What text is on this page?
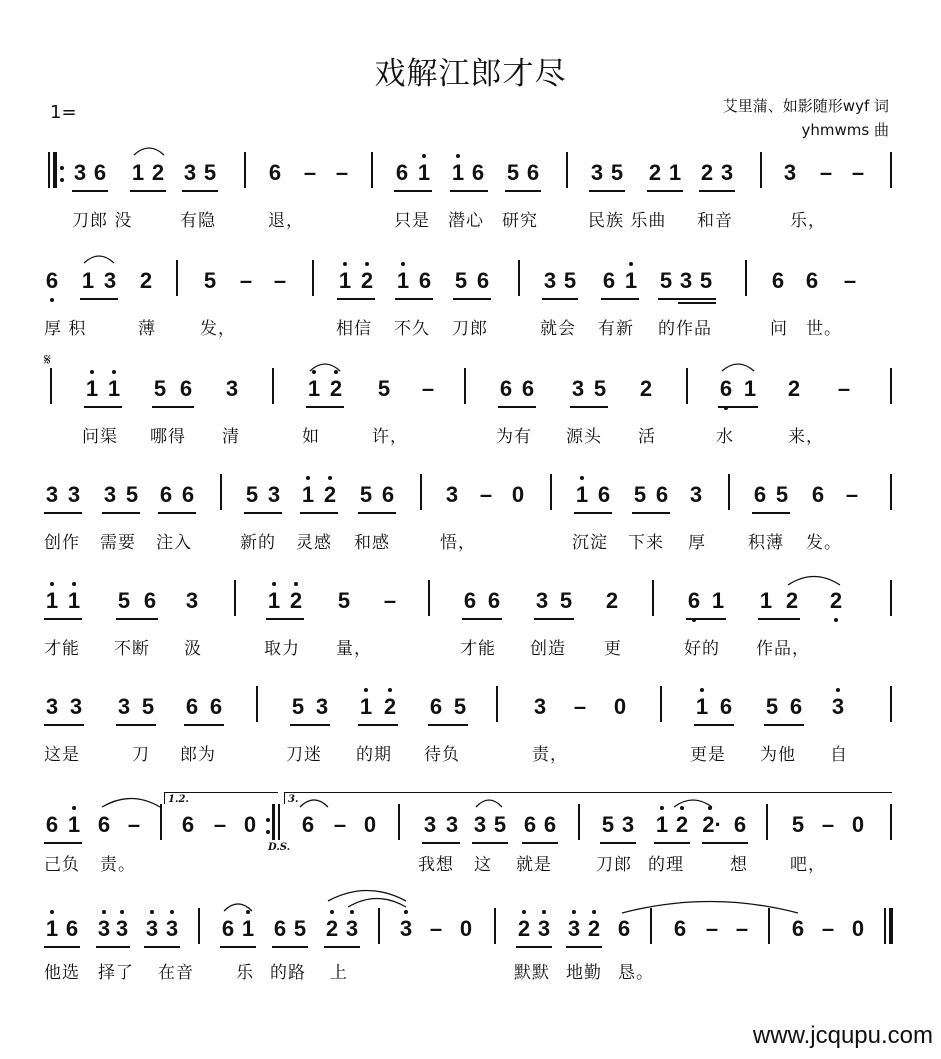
戏解江郎才尽
1=	艾里蒲、如影随形wyf 词
yhmwms 曲
3 6 1 2 3 5 6 – – 6 1 1 6 5 6 3 5 2 1 2 3 3 – –
刀郎 没	有隐	退，	只是 潜心 研究	民族 乐曲 和音	乐，
6 1 3 2 5 – – 1 2 1 6 5 6 3 5 6 1 5 3 5	6 6 –
厚 积	薄	发，	相信 不久 刀郎	就会 有新 的作品	问 世。
𝄋
1 1 5 6 3	1 2 5 –	6 6 3 5 2	6 1 2 –
问渠 哪得 清	如	许，	为有 源头 活	水	来，
3 3 3 5 6 6 5 3 1 2 5 6 3 – 0 1 6 5 6 3 6 5 6 –
创作 需要 注入	新的 灵感 和感	悟，	沉淀 下来 厚 积薄 发。
1 1 5 6 3	1 2 5 –	6 6 3 5 2	6 1 1 2 2
才能 不断 汲	取力 量，	才能 创造 更	好的 作品，
3 3 3 5 6 6	5 3 1 2 6 5	3 – 0	1 6 5 6 3
这是	刀 郎为	刀迷 的期 待负	责，	更是 为他 自
6 1 6 –
1.2.
6 – 0
D.S.
3.
6 – 0 3 3 3 5 6 6 5 3 1 2 2· 6 5 – 0
己负 责。	我想 这 就是	刀郎 的理	想 吧，
1 6 3 3 3 3 6 1 6 5 2 3 3 – 0 2 3 3 2 6 6 – – 6 – 0
他选 择了 在音 乐 的路 上	默默 地勤 恳。
www.jcqupu.com
